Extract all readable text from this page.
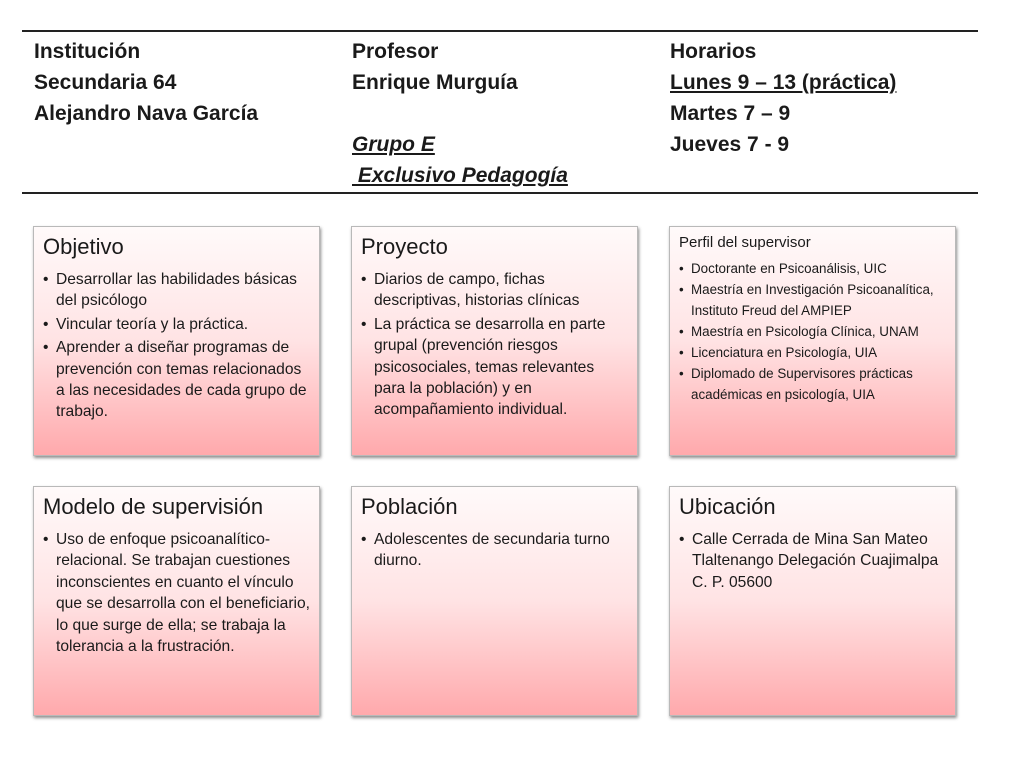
Institución
Secundaria 64
Alejandro Nava García
Profesor
Enrique Murguía
Grupo E
Exclusivo Pedagogía
Horarios
Lunes 9 – 13 (práctica)
Martes 7 – 9
Jueves 7 - 9
Objetivo
• Desarrollar las habilidades básicas del psicólogo
• Vincular teoría y la práctica.
• Aprender a diseñar programas de prevención con temas relacionados a las necesidades de cada grupo de trabajo.
Proyecto
• Diarios de campo, fichas descriptivas, historias clínicas
• La práctica se desarrolla en parte grupal (prevención riesgos psicosociales, temas relevantes para la población) y en acompañamiento individual.
Perfil del supervisor
• Doctorante en Psicoanálisis, UIC
• Maestría en Investigación Psicoanalítica, Instituto Freud del AMPIEP
• Maestría en Psicología Clínica, UNAM
• Licenciatura en Psicología, UIA
• Diplomado de Supervisores prácticas académicas en psicología, UIA
Modelo de supervisión
• Uso de enfoque psicoanalítico-relacional. Se trabajan cuestiones inconscientes en cuanto el vínculo que se desarrolla con el beneficiario, lo que surge de ella; se trabaja la tolerancia a la frustración.
Población
• Adolescentes de secundaria turno diurno.
Ubicación
• Calle Cerrada de Mina San Mateo Tlaltenango Delegación Cuajimalpa C. P. 05600
